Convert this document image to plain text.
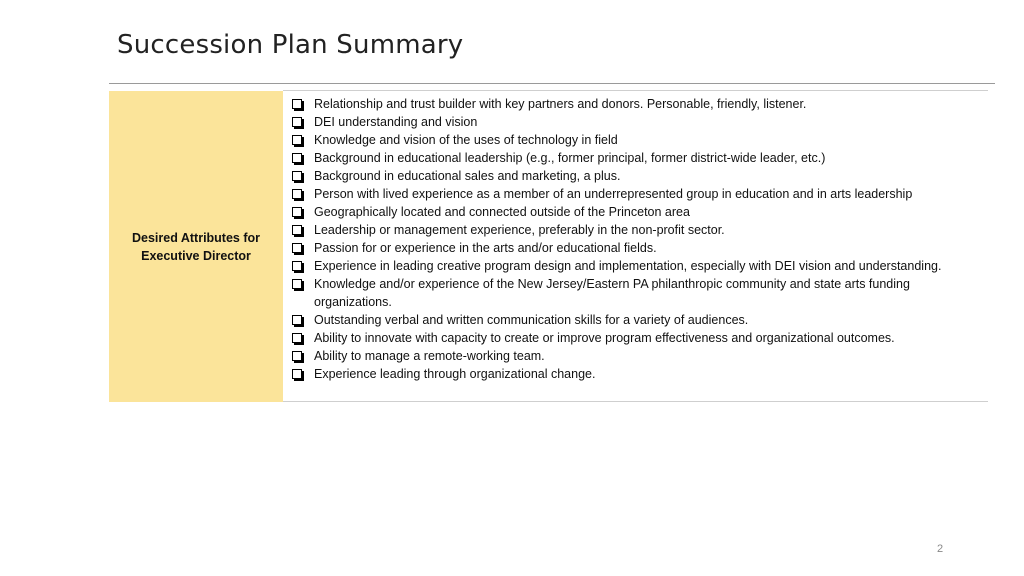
Succession Plan Summary
Desired Attributes for Executive Director
Relationship and trust builder with key partners and donors. Personable, friendly, listener.
DEI understanding and vision
Knowledge and vision of the uses of technology in field
Background in educational leadership (e.g., former principal, former district-wide leader, etc.)
Background in educational sales and marketing, a plus.
Person with lived experience as a member of an underrepresented group in education and in arts leadership
Geographically located and connected outside of the Princeton area
Leadership or management experience, preferably in the non-profit sector.
Passion for or experience in the arts and/or educational fields.
Experience in leading creative program design and implementation, especially with DEI vision and understanding.
Knowledge and/or experience of the New Jersey/Eastern PA philanthropic community and state arts funding organizations.
Outstanding verbal and written communication skills for a variety of audiences.
Ability to innovate with capacity to create or improve program effectiveness and organizational outcomes.
Ability to manage a remote-working team.
Experience leading through organizational change.
2
